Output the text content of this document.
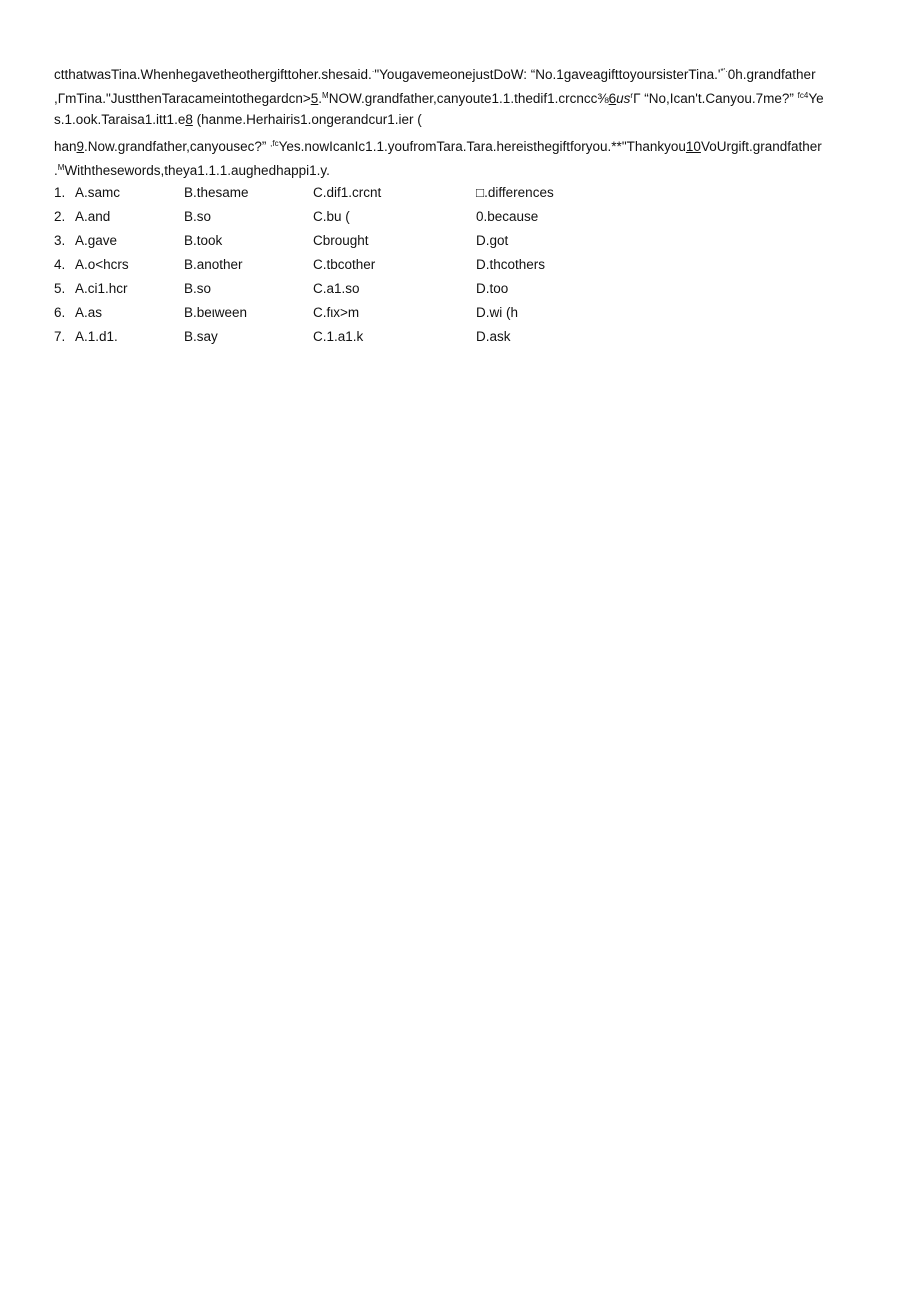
ctthatwasTina.Whenhegavetheothergifttoher.shesaid.·"YougavemeonejustDoW: “No.1gaveagifttoyoursisterTina.'*'·0h.grandfather
$,\Gamma mTina."JustthenTaracameintothegardcn>5.^MNOW.grandfather,canyoute1.1.thedif1.crcncc\frac{3}{8}6us^r\Gamma$ “No,Ican't.Canyou.7me?” $^{fc4}$Ye
s.1.ook.Taraisa1.itt1.e8 (hanme.Herhairis1.ongerandcur1.ier (
han9.Now.grandfather,canyousec?” $^{,fc}$Yes.nowIcanIc1.1.youfromTara.Tara.hereisthegiftforyou.**"Thankyou10VoUrgift.grandfather
.$^M$Withthesewords,theya1.1.1.aughedhappi1.y.
1. A.samc	B.thesame	C.dif1.crcnt	□.differences
2. A.and	B.so	C.bu (	0.because
3. A.gave	B.took	Cbrought	D.got
4. A.o<hcrs	B.another	C.tbcother	D.thcothers
5. A.ci1.hcr	B.so	C.a1.so	D.too
6. A.as	B.beιween	C.fιx>m	D.wi (h
7. A.1.d1.	B.say	C.1.a1.k	D.ask
